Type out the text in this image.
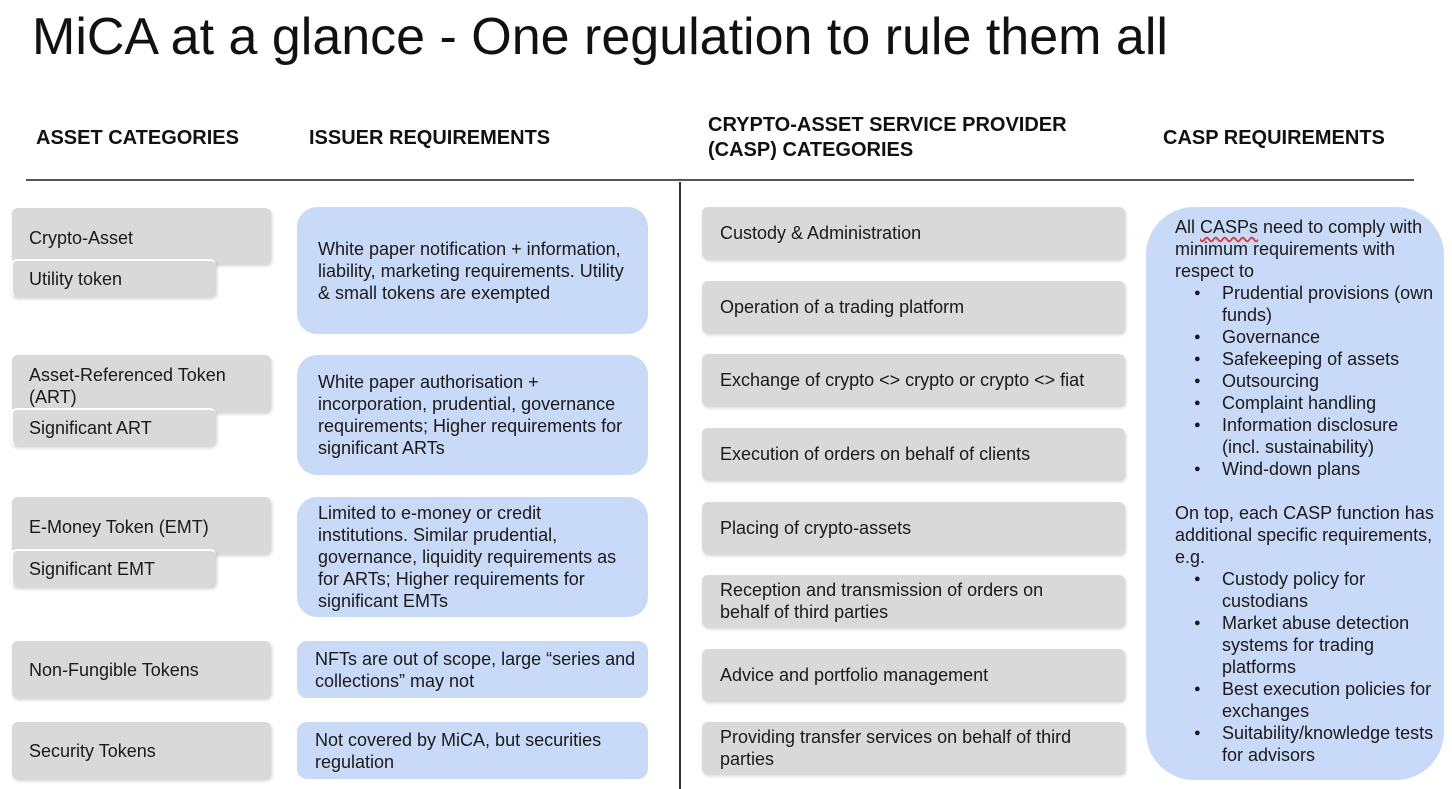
MiCA at a glance - One regulation to rule them all
ASSET CATEGORIES	ISSUER REQUIREMENTS
CRYPTO-ASSET SERVICE PROVIDER
(CASP) CATEGORIES
CASP REQUIREMENTS
Crypto-Asset
Utility token
Asset-Referenced Token (ART)
Significant ART
E-Money Token (EMT)
Significant EMT
Non-Fungible Tokens
Security Tokens
White paper notification + information, liability, marketing requirements. Utility & small tokens are exempted
White paper authorisation + incorporation, prudential, governance requirements; Higher requirements for significant ARTs
Limited to e-money or credit institutions. Similar prudential, governance, liquidity requirements as for ARTs; Higher requirements for significant EMTs
NFTs are out of scope, large “series and collections” may not
Not covered by MiCA, but securities regulation
Custody & Administration
Operation of a trading platform
Exchange of crypto <> crypto or crypto <> fiat
Execution of orders on behalf of clients
Placing of crypto-assets
Reception and transmission of orders on behalf of third parties
Advice and portfolio management
Providing transfer services on behalf of third parties
All CASPs need to comply with minimum requirements with respect to
● Prudential provisions (own funds)
● Governance
● Safekeeping of assets
● Outsourcing
● Complaint handling
● Information disclosure (incl. sustainability)
● Wind-down plans
On top, each CASP function has additional specific requirements, e.g.
● Custody policy for custodians
● Market abuse detection systems for trading platforms
● Best execution policies for exchanges
● Suitability/knowledge tests for advisors
